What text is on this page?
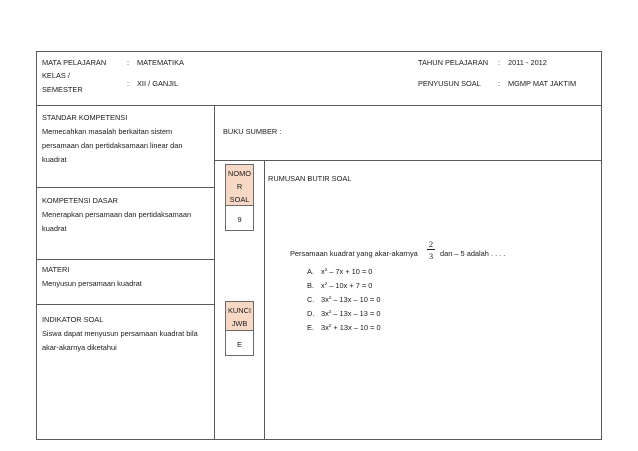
MATA PELAJARAN	: MATEMATIKA
KELAS /
SEMESTER
: XII / GANJIL
TAHUN PELAJARAN : 2011 - 2012
PENYUSUN SOAL : MGMP MAT JAKTIM
STANDAR KOMPETENSI
Memecahkan masalah berkaitan sistem
persamaan dan pertidaksamaan linear dan
kuadrat
KOMPETENSI DASAR
Menerapkan persamaan dan pertidaksamaan
kuadrat
MATERI
Menyusun persamaan kuadrat
INDIKATOR SOAL
Siswa dapat menyusun persamaan kuadrat bila
akar-akarnya diketahui
BUKU SUMBER :
NOMO
R
SOAL
9
KUNCI
JWB
E
RUMUSAN BUTIR SOAL
Persamaan kuadrat yang akar-akarnya
2
3 dan – 5 adalah . . . .
A. $x^2 - 7x + 10 = 0$
B. $x^2 - 10x + 7 = 0$
C. $3x^2 - 13x - 10 = 0$
D. $3x^2 - 13x - 13 = 0$
E. $3x^2 + 13x - 10 = 0$
